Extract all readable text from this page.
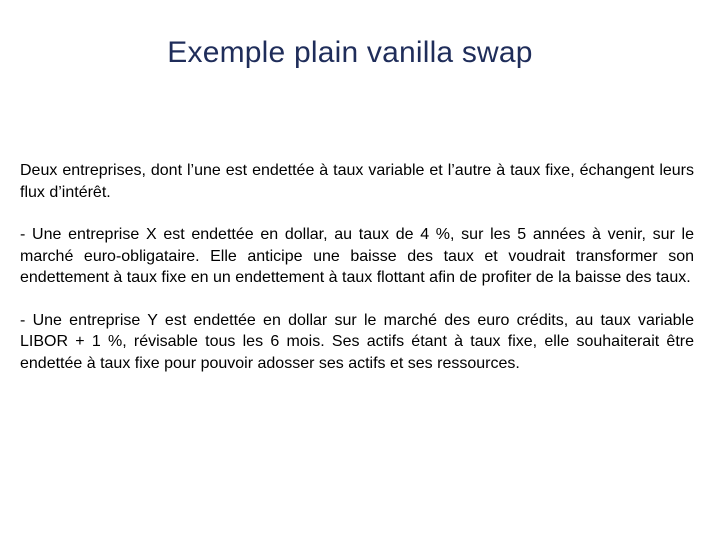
Exemple plain vanilla swap

Deux entreprises, dont l’une est endettée à taux variable et l’autre à taux fixe, échangent leurs flux d’intérêt.

- Une entreprise X est endettée en dollar, au taux de 4 %, sur les 5 années à venir, sur le marché euro-obligataire. Elle anticipe une baisse des taux et voudrait transformer son endettement à taux fixe en un endettement à taux flottant afin de profiter de la baisse des taux.

- Une entreprise Y est endettée en dollar sur le marché des euro crédits, au taux variable LIBOR + 1 %, révisable tous les 6 mois. Ses actifs étant à taux fixe, elle souhaiterait être endettée à taux fixe pour pouvoir adosser ses actifs et ses ressources.
